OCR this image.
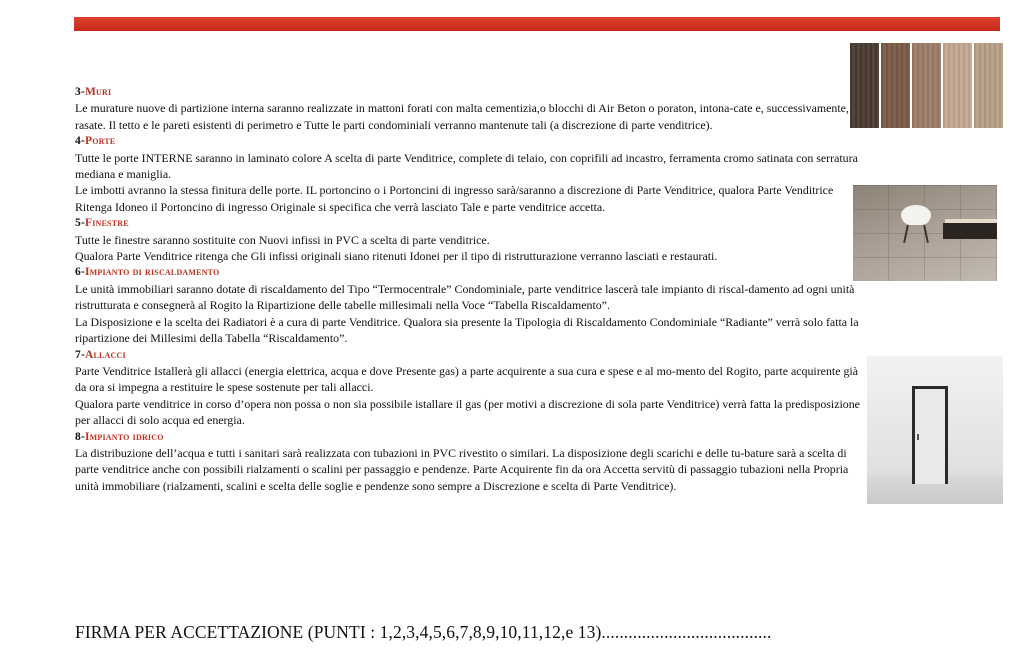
3-Muri

Le murature nuove di partizione interna saranno realizzate in mattoni forati con malta cementizia,o blocchi di Air Beton o poraton, intona-cate e, successivamente, rasate. Il tetto e le pareti esistenti di perimetro e Tutte le parti condominiali verranno mantenute tali (a discrezione di parte venditrice).

4-Porte

Tutte le porte INTERNE saranno in laminato colore A scelta di parte Venditrice, complete di telaio, con coprifili ad incastro, ferramenta cromo satinata con serratura mediana e maniglia.

Le imbotti avranno la stessa finitura delle porte. IL portoncino o i Portoncini di ingresso sarà/saranno a discrezione di Parte Venditrice, qualora Parte Venditrice Ritenga Idoneo il Portoncino di ingresso Originale si specifica che verrà lasciato Tale e parte venditrice accetta.

5-Finestre

Tutte le finestre saranno sostituite con Nuovi infissi in PVC a scelta di parte venditrice.

Qualora Parte Venditrice ritenga che Gli infissi originali siano ritenuti Idonei per il tipo di ristrutturazione verranno lasciati e restaurati.

6-Impianto di riscaldamento

Le unità immobiliari saranno dotate di riscaldamento del Tipo “Termocentrale” Condominiale, parte venditrice lascerà tale impianto di riscal-damento ad ogni unità ristrutturata e consegnerà al Rogito la Ripartizione delle tabelle millesimali nella Voce “Tabella Riscaldamento”.

La Disposizione e la scelta dei Radiatori è a cura di parte Venditrice. Qualora sia presente la Tipologia di Riscaldamento Condominiale “Radiante” verrà solo fatta la ripartizione dei Millesimi della Tabella “Riscaldamento”.

7-Allacci

Parte Venditrice Istallerà gli allacci (energia elettrica, acqua e dove Presente gas) a parte acquirente a sua cura e spese e al mo-mento del Rogito, parte acquirente già da ora si impegna a restituire le spese sostenute per tali allacci.

Qualora parte venditrice in corso d’opera non possa o non sia possibile istallare il gas (per motivi a discrezione di sola parte Venditrice) verrà fatta la predisposizione per allacci di solo acqua ed energia.

8-Impianto idrico

La distribuzione dell’acqua e tutti i sanitari sarà realizzata con tubazioni in PVC rivestito o similari. La disposizione degli scarichi e delle tu-bature sarà a scelta di parte venditrice anche con possibili rialzamenti o scalini per passaggio e pendenze. Parte Acquirente fin da ora Accetta servitù di passaggio tubazioni nella Propria unità immobiliare (rialzamenti, scalini e scelta delle soglie e pendenze sono sempre a Discrezione e scelta di Parte Venditrice).

FIRMA PER ACCETTAZIONE (PUNTI : 1,2,3,4,5,6,7,8,9,10,11,12,e 13)......................................
